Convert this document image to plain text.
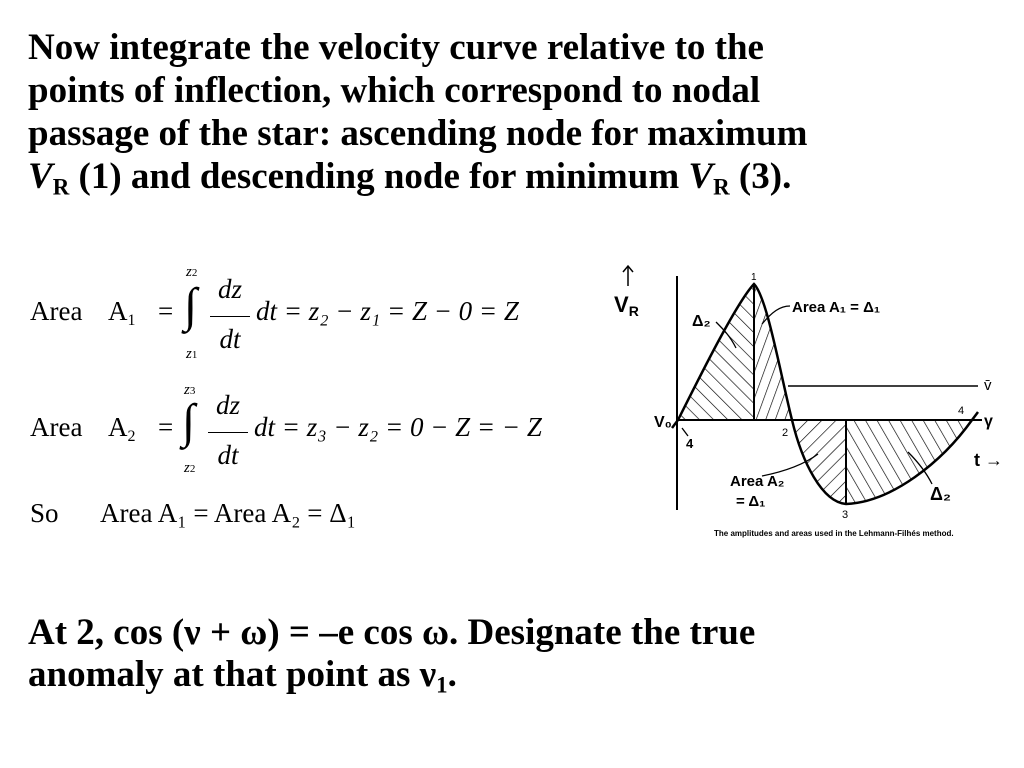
Now integrate the velocity curve relative to the
points of inflection, which correspond to nodal
passage of the star: ascending node for maximum
$V_R$ (1) and descending node for minimum $V_R$ (3).
Area A1 =
z2
∫
z1
dz
dt
dt = z₂ − z₁ = Z − 0 = Z
Area A2 =
z3
∫
z2
dz
dt
dt = z₃ − z₂ = 0 − Z = − Z
So Area A₁ = Area A₂ = Δ₁
VR
V₀
v̄
γ
t →
Area A₁ = Δ₁
Δ₂
Area A₂
= Δ₁	Δ₂
1
2
3
4
4
The amplitudes and areas used in the Lehmann-Filhés method.
At 2, cos (ν + ω) = –e cos ω. Designate the true
anomaly at that point as $\nu_1$.
